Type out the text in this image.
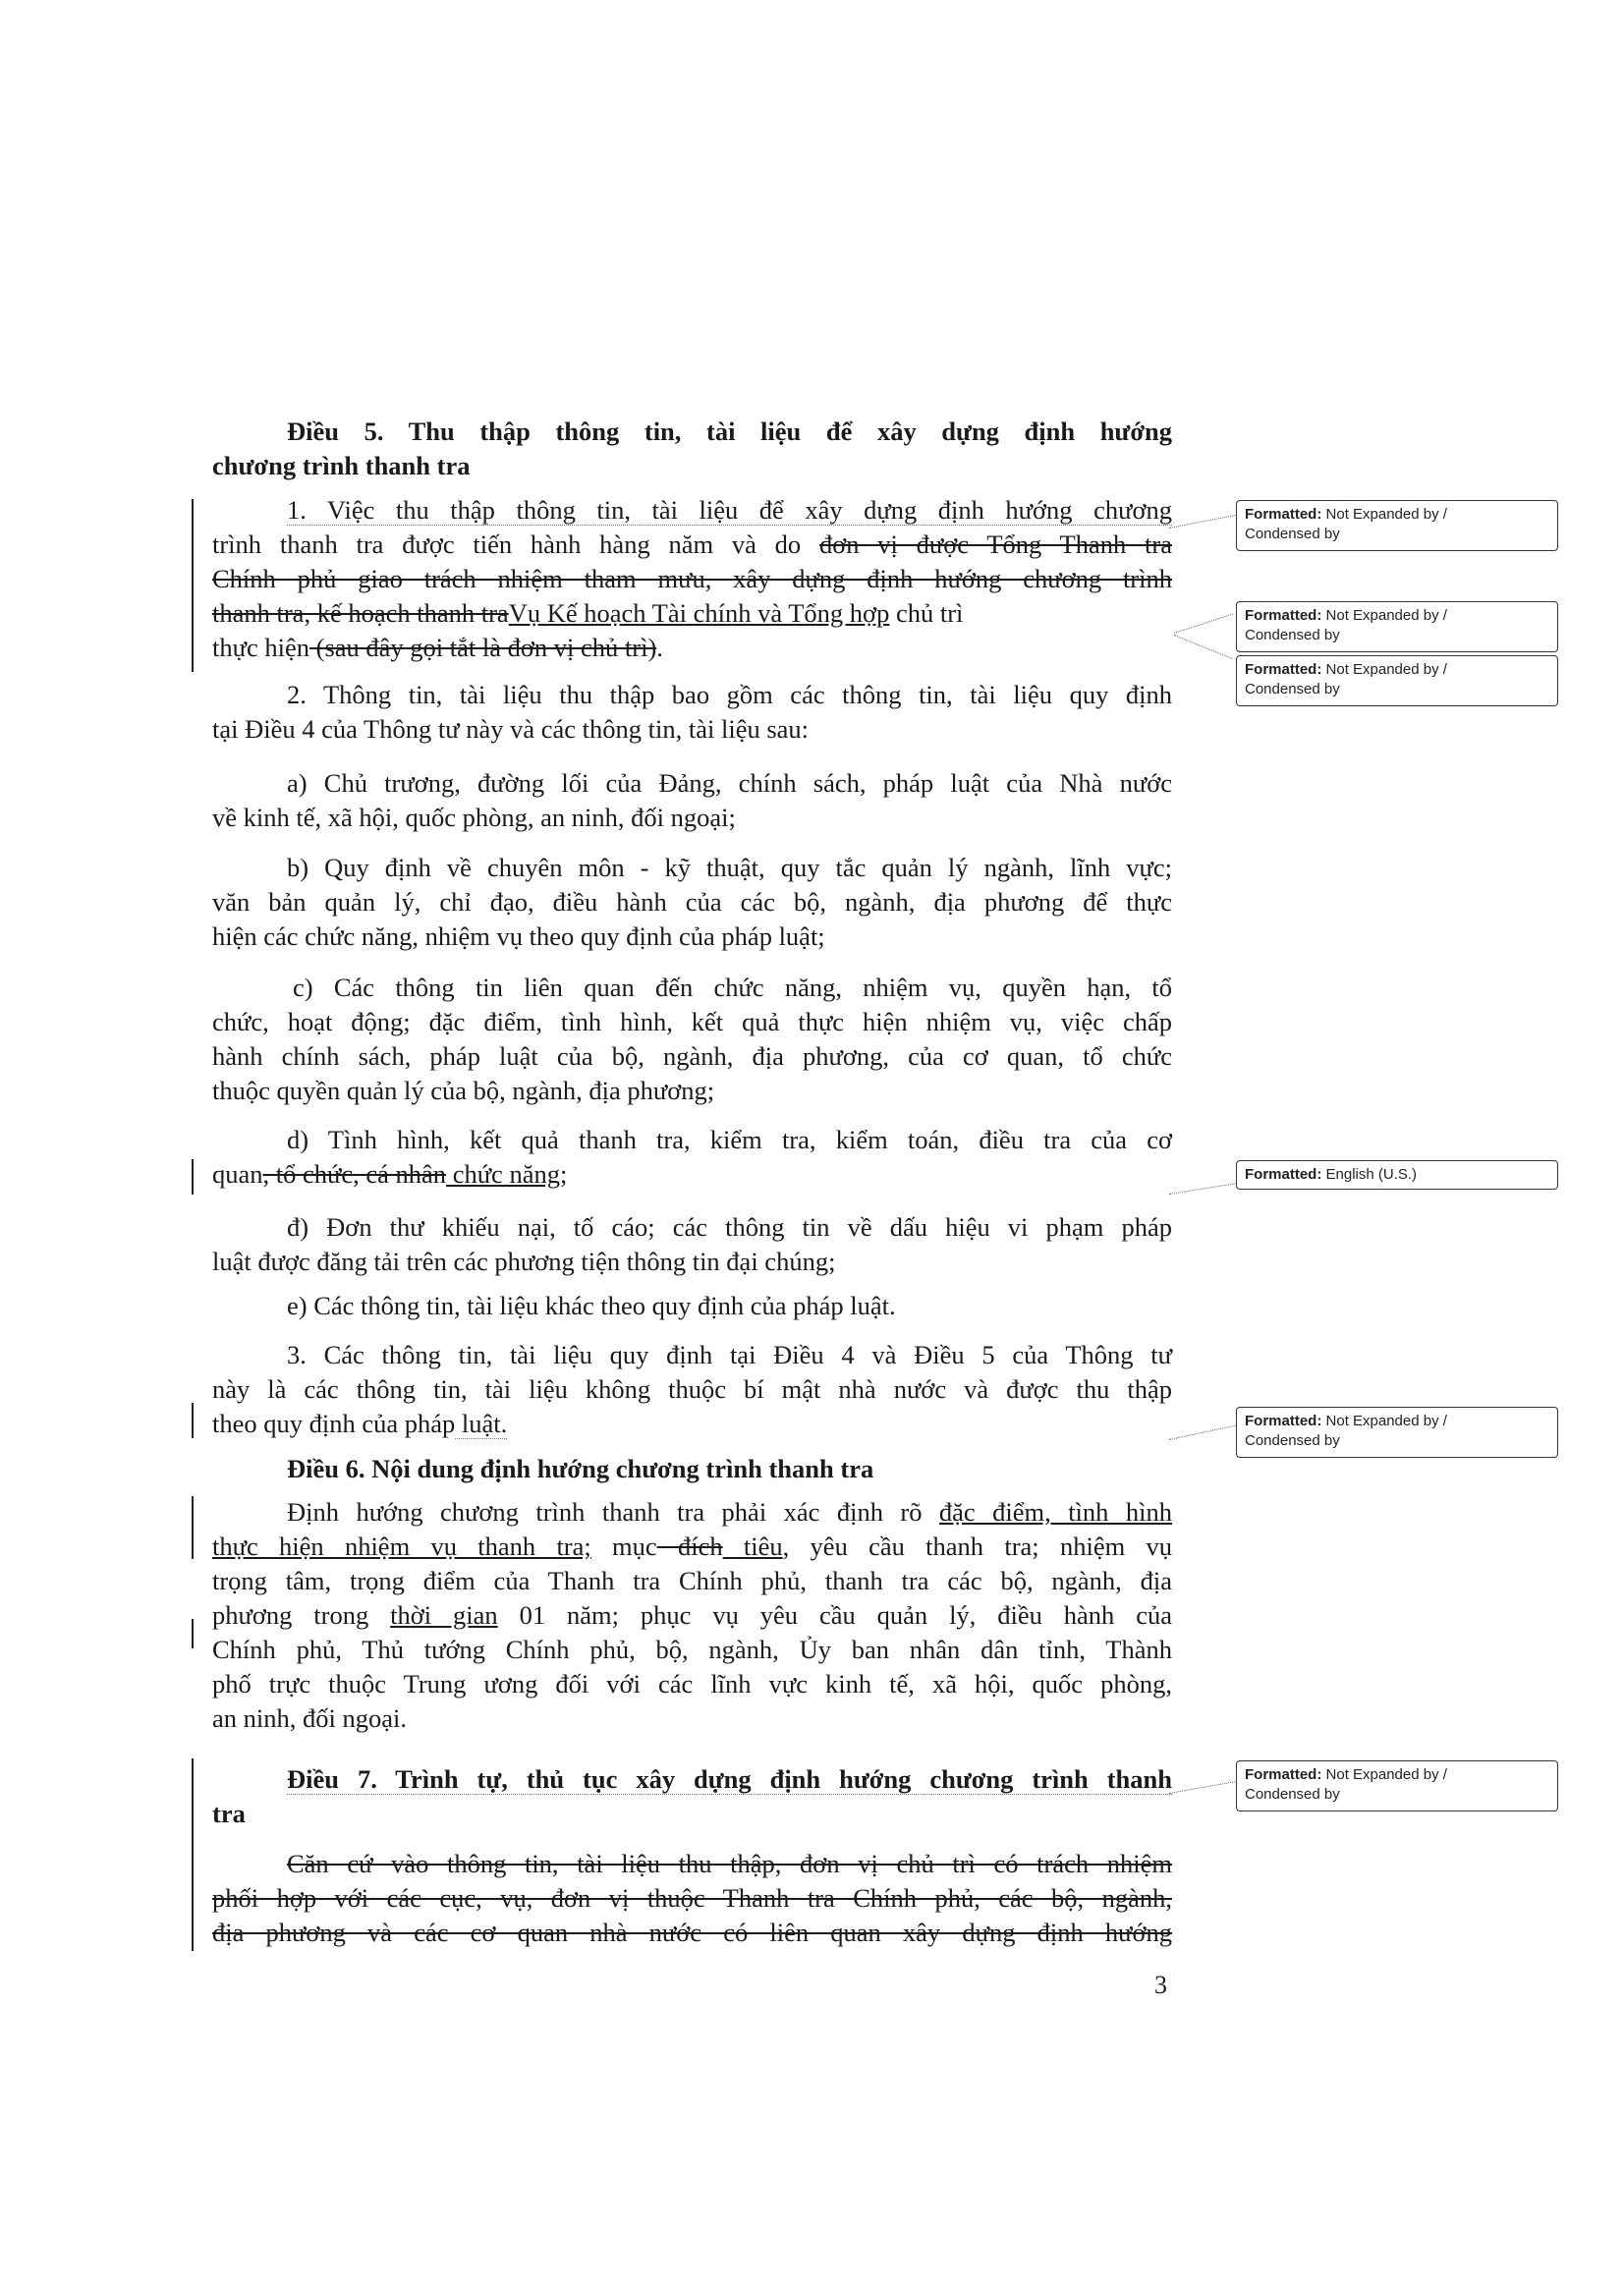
Điều 5. Thu thập thông tin, tài liệu để xây dựng định hướng
chương trình thanh tra
1. Việc thu thập thông tin, tài liệu để xây dựng định hướng chương
trình thanh tra được tiến hành hàng năm và do đơn vị được Tổng Thanh tra
Chính phủ giao trách nhiệm tham mưu, xây dựng định hướng chương trình
thanh tra, kế hoạch thanh traVụ Kế hoạch Tài chính và Tổng hợp chủ trì
thực hiện (sau đây gọi tắt là đơn vị chủ trì).
2. Thông tin, tài liệu thu thập bao gồm các thông tin, tài liệu quy định
tại Điều 4 của Thông tư này và các thông tin, tài liệu sau:
a) Chủ trương, đường lối của Đảng, chính sách, pháp luật của Nhà nước
về kinh tế, xã hội, quốc phòng, an ninh, đối ngoại;
b) Quy định về chuyên môn - kỹ thuật, quy tắc quản lý ngành, lĩnh vực;
văn bản quản lý, chỉ đạo, điều hành của các bộ, ngành, địa phương để thực
hiện các chức năng, nhiệm vụ theo quy định của pháp luật;
c) Các thông tin liên quan đến chức năng, nhiệm vụ, quyền hạn, tổ
chức, hoạt động; đặc điểm, tình hình, kết quả thực hiện nhiệm vụ, việc chấp
hành chính sách, pháp luật của bộ, ngành, địa phương, của cơ quan, tổ chức
thuộc quyền quản lý của bộ, ngành, địa phương;
d) Tình hình, kết quả thanh tra, kiểm tra, kiểm toán, điều tra của cơ
quan, tổ chức, cá nhân chức năng;
đ) Đơn thư khiếu nại, tố cáo; các thông tin về dấu hiệu vi phạm pháp
luật được đăng tải trên các phương tiện thông tin đại chúng;
e) Các thông tin, tài liệu khác theo quy định của pháp luật.
3. Các thông tin, tài liệu quy định tại Điều 4 và Điều 5 của Thông tư
này là các thông tin, tài liệu không thuộc bí mật nhà nước và được thu thập
theo quy định của pháp luật.
Điều 6. Nội dung định hướng chương trình thanh tra
Định hướng chương trình thanh tra phải xác định rõ đặc điểm, tình hình
thực hiện nhiệm vụ thanh tra; mục đích tiêu, yêu cầu thanh tra; nhiệm vụ
trọng tâm, trọng điểm của Thanh tra Chính phủ, thanh tra các bộ, ngành, địa
phương trong thời gian 01 năm; phục vụ yêu cầu quản lý, điều hành của
Chính phủ, Thủ tướng Chính phủ, bộ, ngành, Ủy ban nhân dân tỉnh, Thành
phố trực thuộc Trung ương đối với các lĩnh vực kinh tế, xã hội, quốc phòng,
an ninh, đối ngoại.
Điều 7. Trình tự, thủ tục xây dựng định hướng chương trình thanh
tra
Căn cứ vào thông tin, tài liệu thu thập, đơn vị chủ trì có trách nhiệm
phối hợp với các cục, vụ, đơn vị thuộc Thanh tra Chính phủ, các bộ, ngành,
địa phương và các cơ quan nhà nước có liên quan xây dựng định hướng
Formatted: Not Expanded by /
Condensed by
Formatted: Not Expanded by /
Condensed by
Formatted: Not Expanded by /
Condensed by
Formatted: English (U.S.)
Formatted: Not Expanded by /
Condensed by
Formatted: Not Expanded by /
Condensed by
3
